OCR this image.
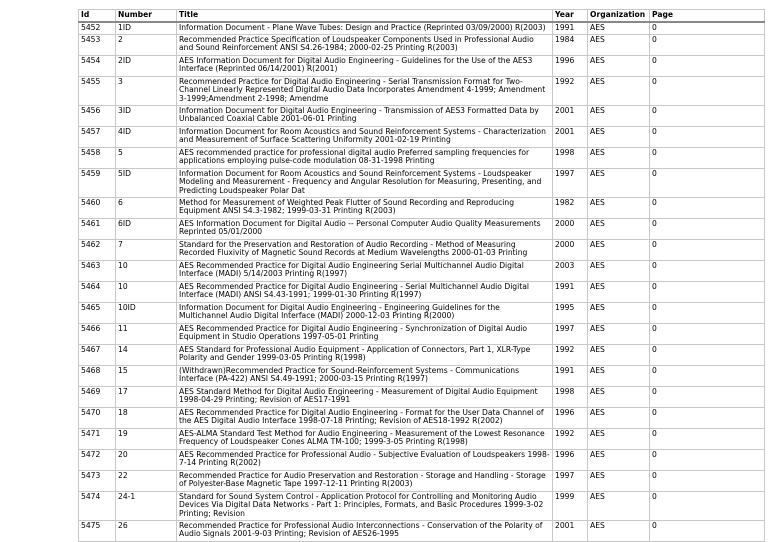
Id	Number	Title	Year	Organization	Page
5452	1ID	Information Document - Plane Wave Tubes: Design and Practice (Reprinted 03/09/2000) R(2003)	1991	AES	0
5453	2	Recommended Practice Specification of Loudspeaker Components Used in Professional Audio and Sound Reinforcement ANSI S4.26-1984; 2000-02-25 Printing R(2003)	1984	AES	0
5454	2ID	AES Information Document for Digital Audio Engineering - Guidelines for the Use of the AES3 Interface (Reprinted 06/14/2001) R(2001)	1996	AES	0
5455	3	Recommended Practice for Digital Audio Engineering - Serial Transmission Format for Two-Channel Linearly Represented Digital Audio Data Incorporates Amendment 4-1999; Amendment 3-1999;Amendment 2-1998; Amendme	1992	AES	0
5456	3ID	Information Document for Digital Audio Engineering - Transmission of AES3 Formatted Data by Unbalanced Coaxial Cable 2001-06-01 Printing	2001	AES	0
5457	4ID	Information Document for Room Acoustics and Sound Reinforcement Systems - Characterization and Measurement of Surface Scattering Uniformity 2001-02-19 Printing	2001	AES	0
5458	5	AES recommended practice for professional digital audio Preferred sampling frequencies for applications employing pulse-code modulation 08-31-1998 Printing	1998	AES	0
5459	5ID	Information Document for Room Acoustics and Sound Reinforcement Systems - Loudspeaker Modeling and Measurement - Frequency and Angular Resolution for Measuring, Presenting, and Predicting Loudspeaker Polar Dat	1997	AES	0
5460	6	Method for Measurement of Weighted Peak Flutter of Sound Recording and Reproducing Equipment ANSI S4.3-1982; 1999-03-31 Printing R(2003)	1982	AES	0
5461	6ID	AES Information Document for Digital Audio -- Personal Computer Audio Quality Measurements Reprinted 05/01/2000	2000	AES	0
5462	7	Standard for the Preservation and Restoration of Audio Recording - Method of Measuring Recorded Fluxivity of Magnetic Sound Records at Medium Wavelengths 2000-01-03 Printing	2000	AES	0
5463	10	AES Recommended Practice for Digital Audio Engineering Serial Multichannel Audio Digital Interface (MADI) 5/14/2003 Printing R(1997)	2003	AES	0
5464	10	AES Recommended Practice for Digital Audio Engineering - Serial Multichannel Audio Digital Interface (MADI) ANSI S4.43-1991; 1999-01-30 Printing R(1997)	1991	AES	0
5465	10ID	Information Document for Digital Audio Engineering - Engineering Guidelines for the Multichannel Audio Digital Interface (MADI) 2000-12-03 Printing R(2000)	1995	AES	0
5466	11	AES Recommended Practice for Digital Audio Engineering - Synchronization of Digital Audio Equipment in Studio Operations 1997-05-01 Printing	1997	AES	0
5467	14	AES Standard for Professional Audio Equipment - Application of Connectors, Part 1, XLR-Type Polarity and Gender 1999-03-05 Printing R(1998)	1992	AES	0
5468	15	(Withdrawn)Recommended Practice for Sound-Reinforcement Systems - Communications Interface (PA-422) ANSI S4.49-1991; 2000-03-15 Printing R(1997)	1991	AES	0
5469	17	AES Standard Method for Digital Audio Engineering - Measurement of Digital Audio Equipment 1998-04-29 Printing; Revision of AES17-1991	1998	AES	0
5470	18	AES Recommended Practice for Digital Audio Engineering - Format for the User Data Channel of the AES Digital Audio Interface 1998-07-18 Printing; Revision of AES18-1992 R(2002)	1996	AES	0
5471	19	AES-ALMA Standard Test Method for Audio Engineering - Measurement of the Lowest Resonance Frequency of Loudspeaker Cones ALMA TM-100; 1999-3-05 Printing R(1998)	1992	AES	0
5472	20	AES Recommended Practice for Professional Audio - Subjective Evaluation of Loudspeakers 1998-7-14 Printing R(2002)	1996	AES	0
5473	22	Recommended Practice for Audio Preservation and Restoration - Storage and Handling - Storage of Polyester-Base Magnetic Tape 1997-12-11 Printing R(2003)	1997	AES	0
5474	24-1	Standard for Sound System Control - Application Protocol for Controlling and Monitoring Audio Devices Via Digital Data Networks - Part 1: Principles, Formats, and Basic Procedures 1999-3-02 Printing; Revision	1999	AES	0
5475	26	Recommended Practice for Professional Audio Interconnections - Conservation of the Polarity of Audio Signals 2001-9-03 Printing; Revision of AES26-1995	2001	AES	0
